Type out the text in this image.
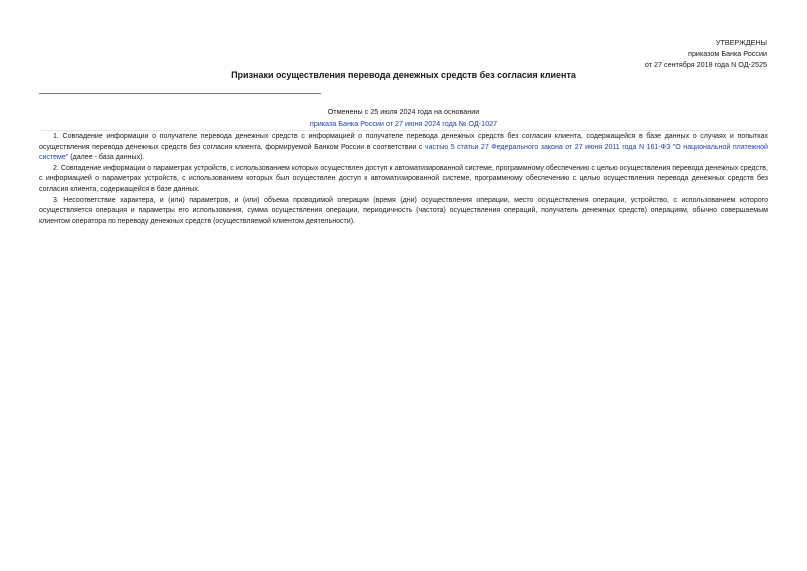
УТВЕРЖДЕНЫ
приказом Банка России
от 27 сентября 2018 года N ОД-2525
Признаки осуществления перевода денежных средств без согласия клиента
Отменены с 25 июля 2024 года на основании
приказа Банка России от 27 июня 2024 года № ОД-1027

1. Совпадение информации о получателе перевода денежных средств с информацией о получателе перевода денежных средств без согласия клиента, содержащейся в базе данных о случаях и попытках осуществления перевода денежных средств без согласия клиента, формируемой Банком России в соответствии с частью 5 статьи 27 Федерального закона от 27 июня 2011 года N 161-ФЗ "О национальной платежной системе" (далее - база данных).

2. Совпадение информации о параметрах устройств, с использованием которых осуществлен доступ к автоматизированной системе, программному обеспечению с целью осуществления перевода денежных средств, с информацией о параметрах устройств, с использованием которых был осуществлен доступ к автоматизированной системе, программному обеспечению с целью осуществления перевода денежных средств без согласия клиента, содержащейся в базе данных.

3. Несоответствие характера, и (или) параметров, и (или) объема проводимой операции (время (дни) осуществления операции, место осуществления операции, устройство, с использованием которого осуществляется операция и параметры его использования, сумма осуществления операции, периодичность (частота) осуществления операций, получатель денежных средств) операциям, обычно совершаемым клиентом оператора по переводу денежных средств (осуществляемой клиентом деятельности).
